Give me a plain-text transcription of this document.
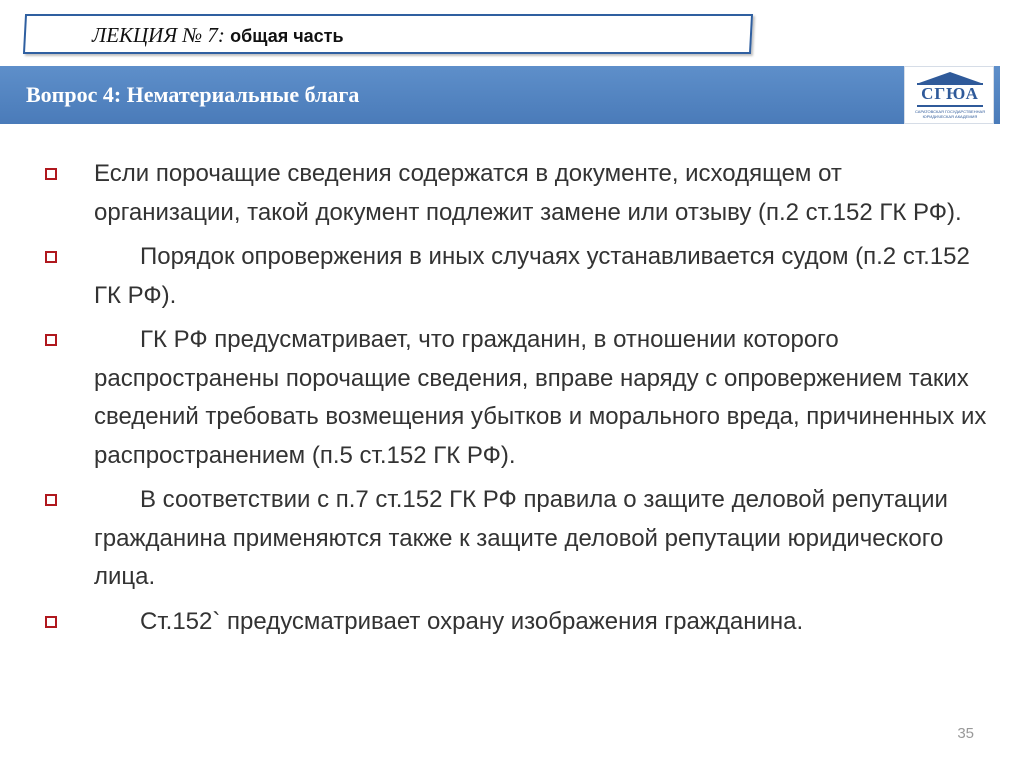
ЛЕКЦИЯ № 7: общая часть
Вопрос 4: Нематериальные блага	СГЮА
САРАТОВСКАЯ ГОСУДАРСТВЕННАЯ ЮРИДИЧЕСКАЯ АКАДЕМИЯ
Если порочащие сведения содержатся в документе, исходящем от организации, такой документ подлежит замене или отзыву (п.2 ст.152 ГК РФ).
Порядок опровержения в иных случаях устанавливается судом (п.2 ст.152 ГК РФ).
ГК РФ предусматривает, что гражданин, в отношении которого распространены порочащие сведения, вправе наряду с опровержением таких сведений требовать возмещения убытков и морального вреда, причиненных их распространением (п.5 ст.152 ГК РФ).
В соответствии с п.7 ст.152 ГК РФ правила о защите деловой репутации гражданина применяются также к защите деловой репутации юридического лица.
Ст.152` предусматривает охрану изображения гражданина.
35
